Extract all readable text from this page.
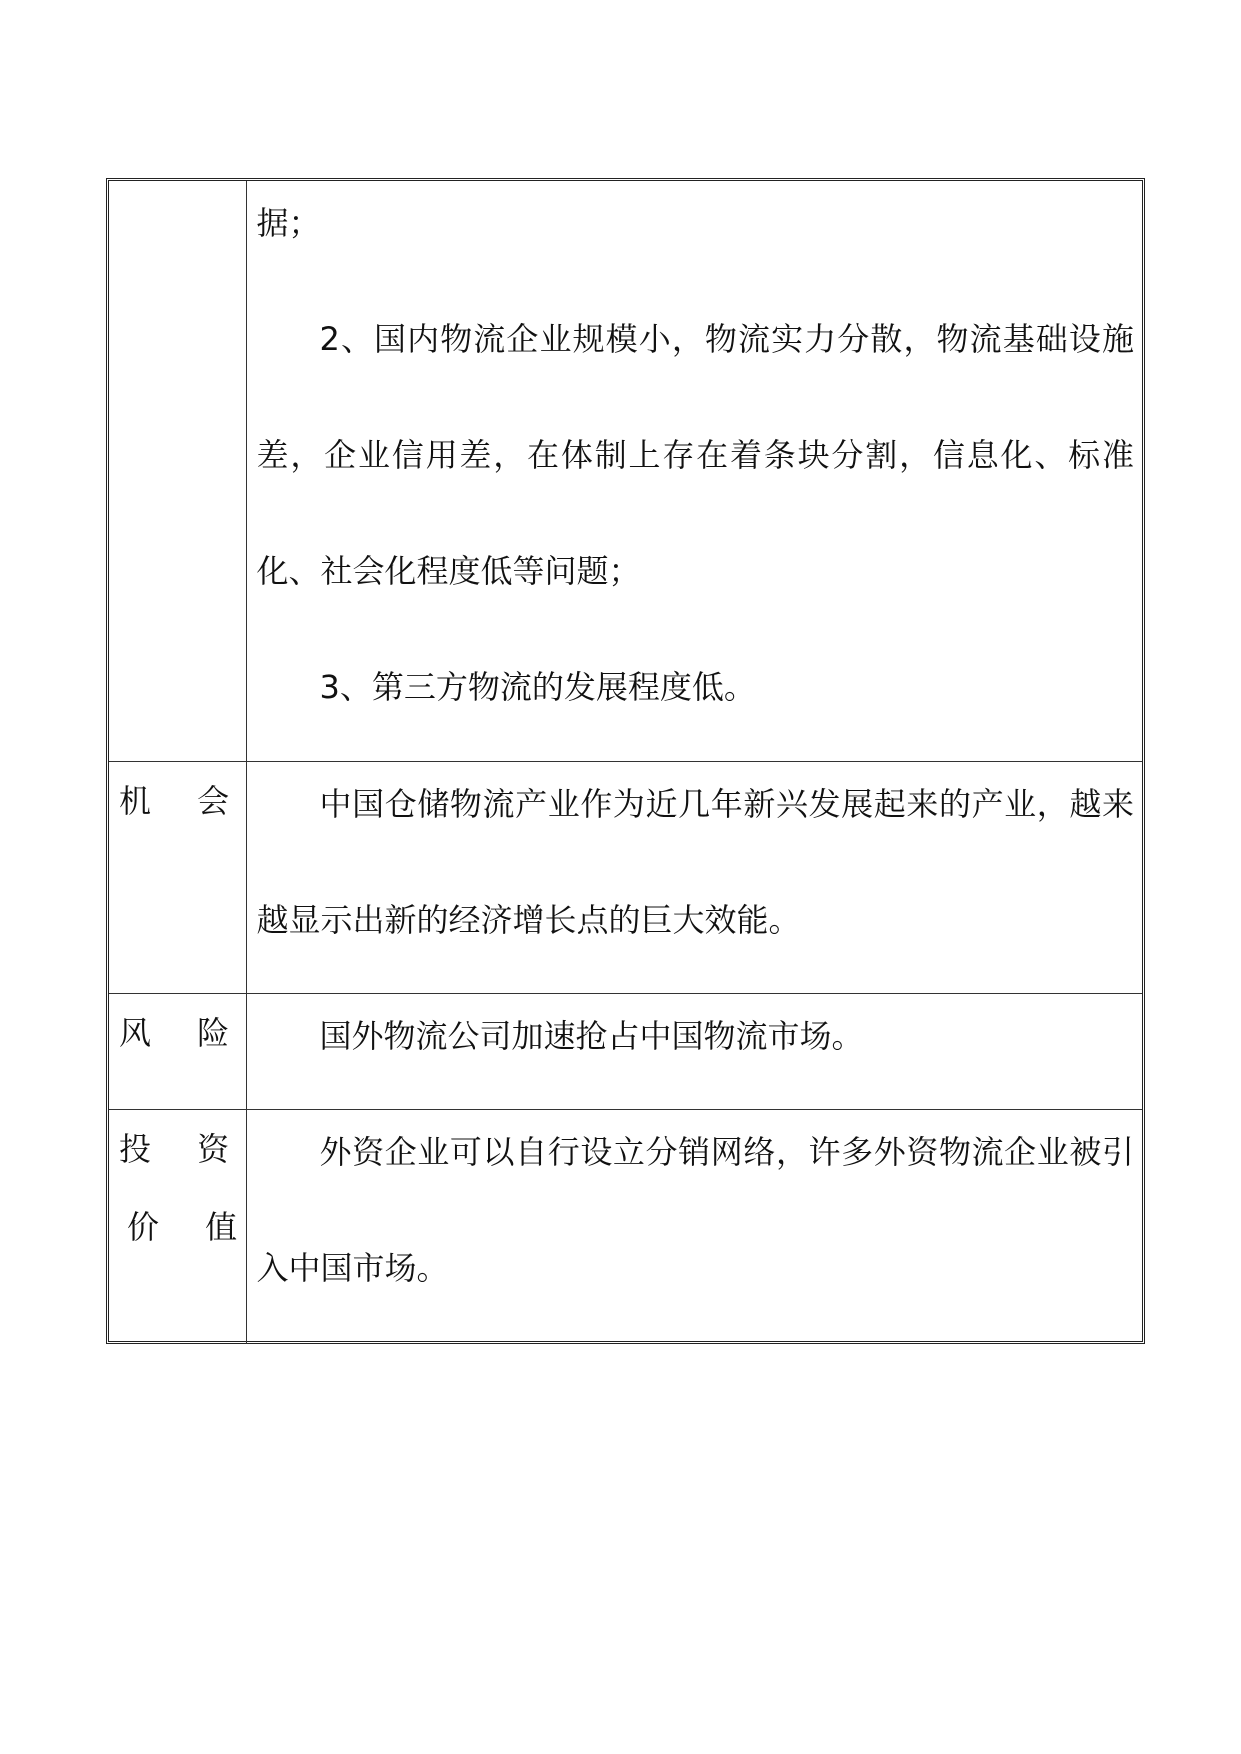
	据；

2、国内物流企业规模小，物流实力分散，物流基础设施差，企业信用差，在体制上存在着条块分割，信息化、标准化、社会化程度低等问题；

3、第三方物流的发展程度低。

机 会	中国仓储物流产业作为近几年新兴发展起来的产业，越来越显示出新的经济增长点的巨大效能。

风 险	国外物流公司加速抢占中国物流市场。

投 资
价 值	外资企业可以自行设立分销网络，许多外资物流企业被引入中国市场。
